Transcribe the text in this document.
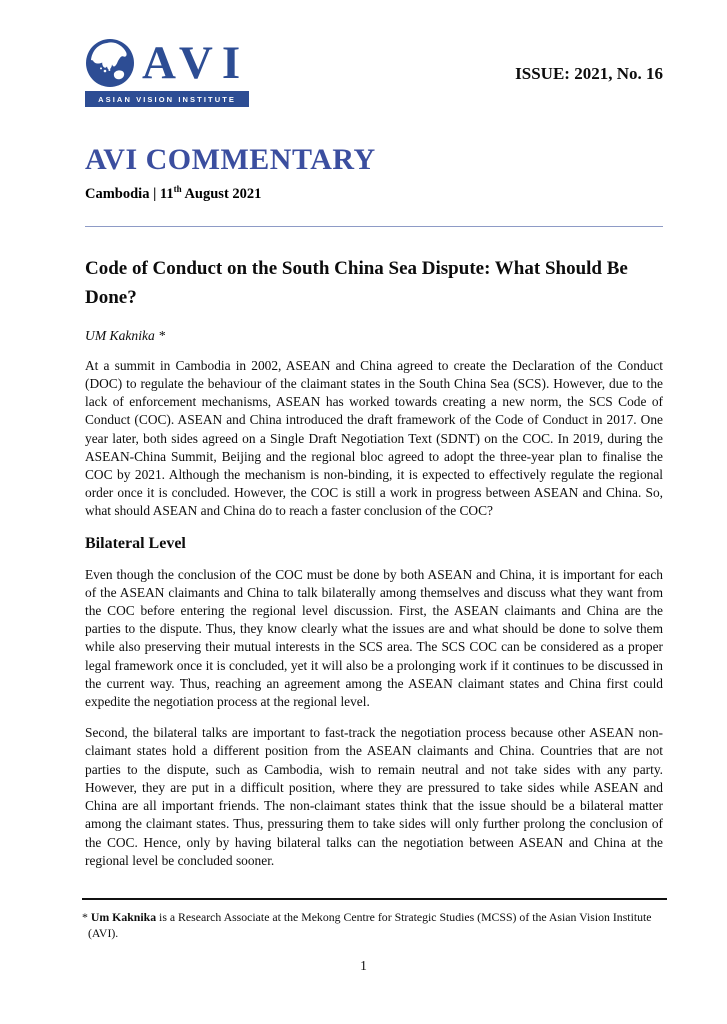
AVI
ASIAN VISION INSTITUTE
ISSUE: 2021, No. 16
AVI COMMENTARY
Cambodia | 11th August 2021
Code of Conduct on the South China Sea Dispute: What Should Be Done?
UM Kaknika *

At a summit in Cambodia in 2002, ASEAN and China agreed to create the Declaration of the Conduct (DOC) to regulate the behaviour of the claimant states in the South China Sea (SCS). However, due to the lack of enforcement mechanisms, ASEAN has worked towards creating a new norm, the SCS Code of Conduct (COC). ASEAN and China introduced the draft framework of the Code of Conduct in 2017. One year later, both sides agreed on a Single Draft Negotiation Text (SDNT) on the COC. In 2019, during the ASEAN-China Summit, Beijing and the regional bloc agreed to adopt the three-year plan to finalise the COC by 2021. Although the mechanism is non-binding, it is expected to effectively regulate the regional order once it is concluded. However, the COC is still a work in progress between ASEAN and China. So, what should ASEAN and China do to reach a faster conclusion of the COC?

Bilateral Level

Even though the conclusion of the COC must be done by both ASEAN and China, it is important for each of the ASEAN claimants and China to talk bilaterally among themselves and discuss what they want from the COC before entering the regional level discussion. First, the ASEAN claimants and China are the parties to the dispute. Thus, they know clearly what the issues are and what should be done to solve them while also preserving their mutual interests in the SCS area. The SCS COC can be considered as a proper legal framework once it is concluded, yet it will also be a prolonging work if it continues to be discussed in the current way. Thus, reaching an agreement among the ASEAN claimant states and China first could expedite the negotiation process at the regional level.

Second, the bilateral talks are important to fast-track the negotiation process because other ASEAN non-claimant states hold a different position from the ASEAN claimants and China. Countries that are not parties to the dispute, such as Cambodia, wish to remain neutral and not take sides with any party. However, they are put in a difficult position, where they are pressured to take sides while ASEAN and China are all important friends. The non-claimant states think that the issue should be a bilateral matter among the claimant states. Thus, pressuring them to take sides will only further prolong the conclusion of the COC. Hence, only by having bilateral talks can the negotiation between ASEAN and China at the regional level be concluded sooner.

* Um Kaknika is a Research Associate at the Mekong Centre for Strategic Studies (MCSS) of the Asian Vision Institute (AVI).
1
